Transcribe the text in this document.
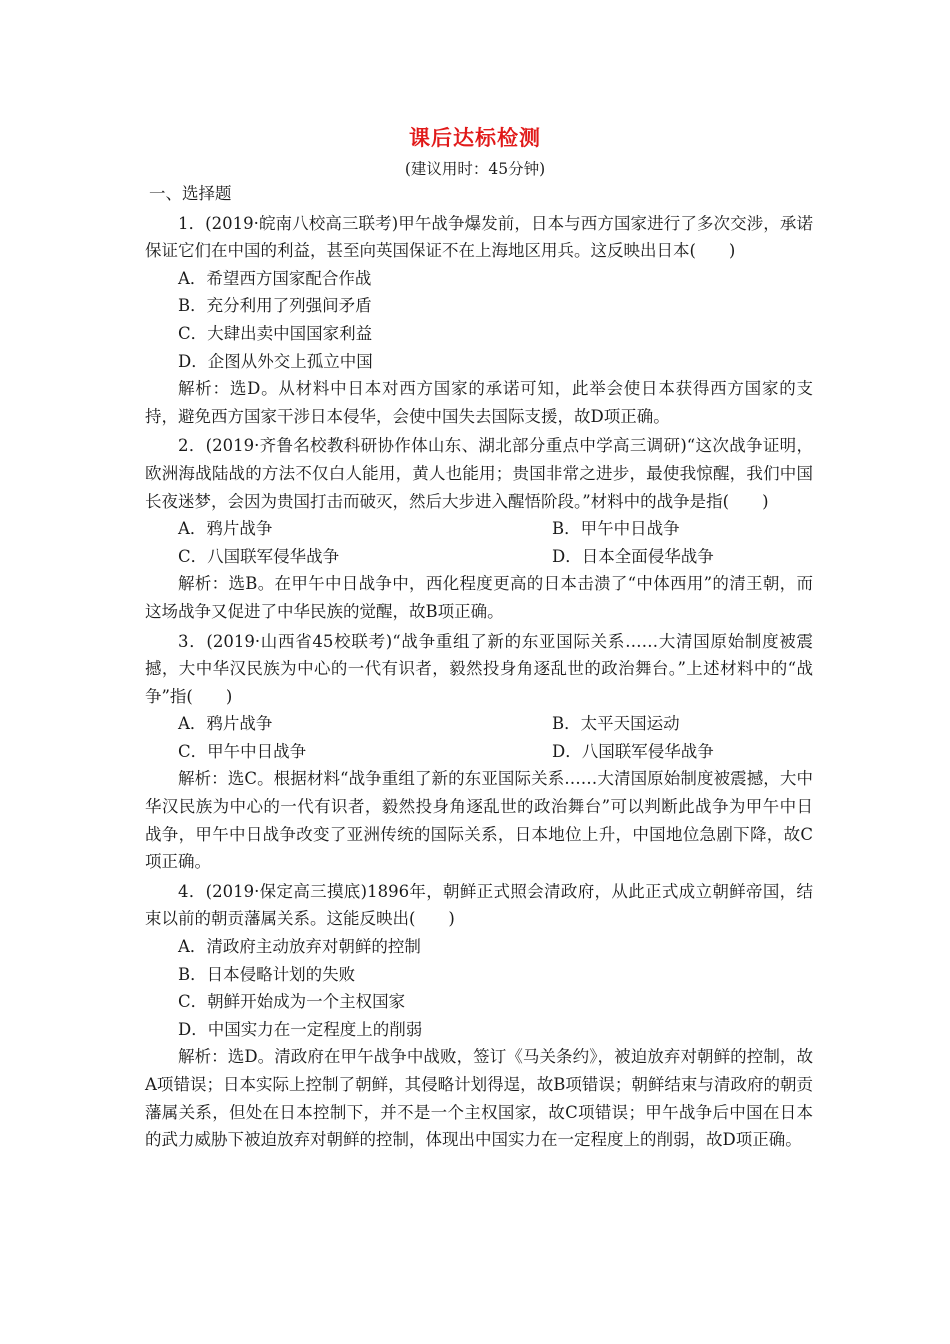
课后达标检测
(建议用时：45分钟)
一、选择题
1．(2019·皖南八校高三联考)甲午战争爆发前，日本与西方国家进行了多次交涉，承诺保证它们在中国的利益，甚至向英国保证不在上海地区用兵。这反映出日本(　　)
A．希望西方国家配合作战
B．充分利用了列强间矛盾
C．大肆出卖中国国家利益
D．企图从外交上孤立中国
解析：选D。从材料中日本对西方国家的承诺可知，此举会使日本获得西方国家的支持，避免西方国家干涉日本侵华，会使中国失去国际支援，故D项正确。
2．(2019·齐鲁名校教科研协作体山东、湖北部分重点中学高三调研)“这次战争证明，欧洲海战陆战的方法不仅白人能用，黄人也能用；贵国非常之进步，最使我惊醒，我们中国长夜迷梦，会因为贵国打击而破灭，然后大步进入醒悟阶段。”材料中的战争是指(　　)
A．鸦片战争	B．甲午中日战争
C．八国联军侵华战争	D．日本全面侵华战争
解析：选B。在甲午中日战争中，西化程度更高的日本击溃了“中体西用”的清王朝，而这场战争又促进了中华民族的觉醒，故B项正确。
3．(2019·山西省45校联考)“战争重组了新的东亚国际关系……大清国原始制度被震撼，大中华汉民族为中心的一代有识者，毅然投身角逐乱世的政治舞台。”上述材料中的“战争”指(　　)
A．鸦片战争	B．太平天国运动
C．甲午中日战争	D．八国联军侵华战争
解析：选C。根据材料“战争重组了新的东亚国际关系……大清国原始制度被震撼，大中华汉民族为中心的一代有识者，毅然投身角逐乱世的政治舞台”可以判断此战争为甲午中日战争，甲午中日战争改变了亚洲传统的国际关系，日本地位上升，中国地位急剧下降，故C项正确。
4．(2019·保定高三摸底)1896年，朝鲜正式照会清政府，从此正式成立朝鲜帝国，结束以前的朝贡藩属关系。这能反映出(　　)
A．清政府主动放弃对朝鲜的控制
B．日本侵略计划的失败
C．朝鲜开始成为一个主权国家
D．中国实力在一定程度上的削弱
解析：选D。清政府在甲午战争中战败，签订《马关条约》，被迫放弃对朝鲜的控制，故A项错误；日本实际上控制了朝鲜，其侵略计划得逞，故B项错误；朝鲜结束与清政府的朝贡藩属关系，但处在日本控制下，并不是一个主权国家，故C项错误；甲午战争后中国在日本的武力威胁下被迫放弃对朝鲜的控制，体现出中国实力在一定程度上的削弱，故D项正确。
